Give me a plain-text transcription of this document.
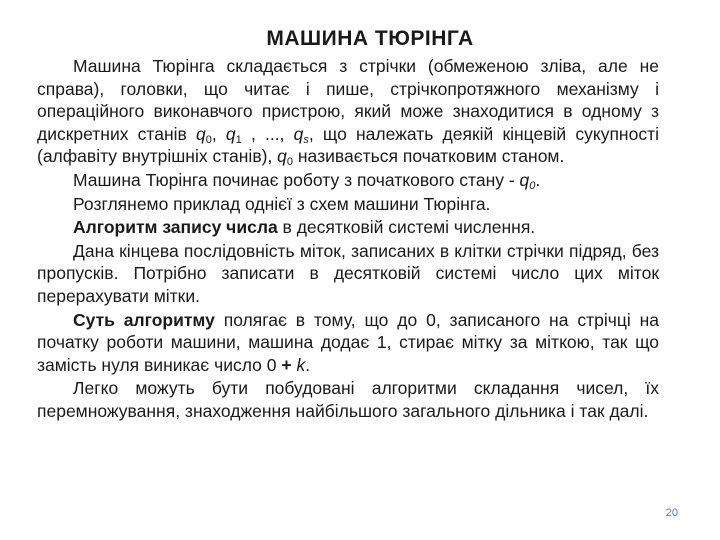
МАШИНА ТЮРІНГА

Машина Тюрінга складається з стрічки (обмеженою зліва, але не справа), головки, що читає і пише, стрічкопротяжного механізму і операційного виконавчого пристрою, який може знаходитися в одному з дискретних станів $q_0$, $q_1$ , ..., $q_s$, що належать деякій кінцевій сукупності (алфавіту внутрішніх станів), $q_0$ називається початковим станом.

Машина Тюрінга починає роботу з початкового стану - $q_0$.

Розглянемо приклад однієї з схем машини Тюрінга.

Алгоритм запису числа в десятковій системі числення.

Дана кінцева послідовність міток, записаних в клітки стрічки підряд, без пропусків. Потрібно записати в десятковій системі число цих міток перерахувати мітки.

Суть алгоритму полягає в тому, що до 0, записаного на стрічці на початку роботи машини, машина додає 1, стирає мітку за міткою, так що замість нуля виникає число 0 + k.

Легко можуть бути побудовані алгоритми складання чисел, їх перемножування, знаходження найбільшого загального дільника і так далі.

20
